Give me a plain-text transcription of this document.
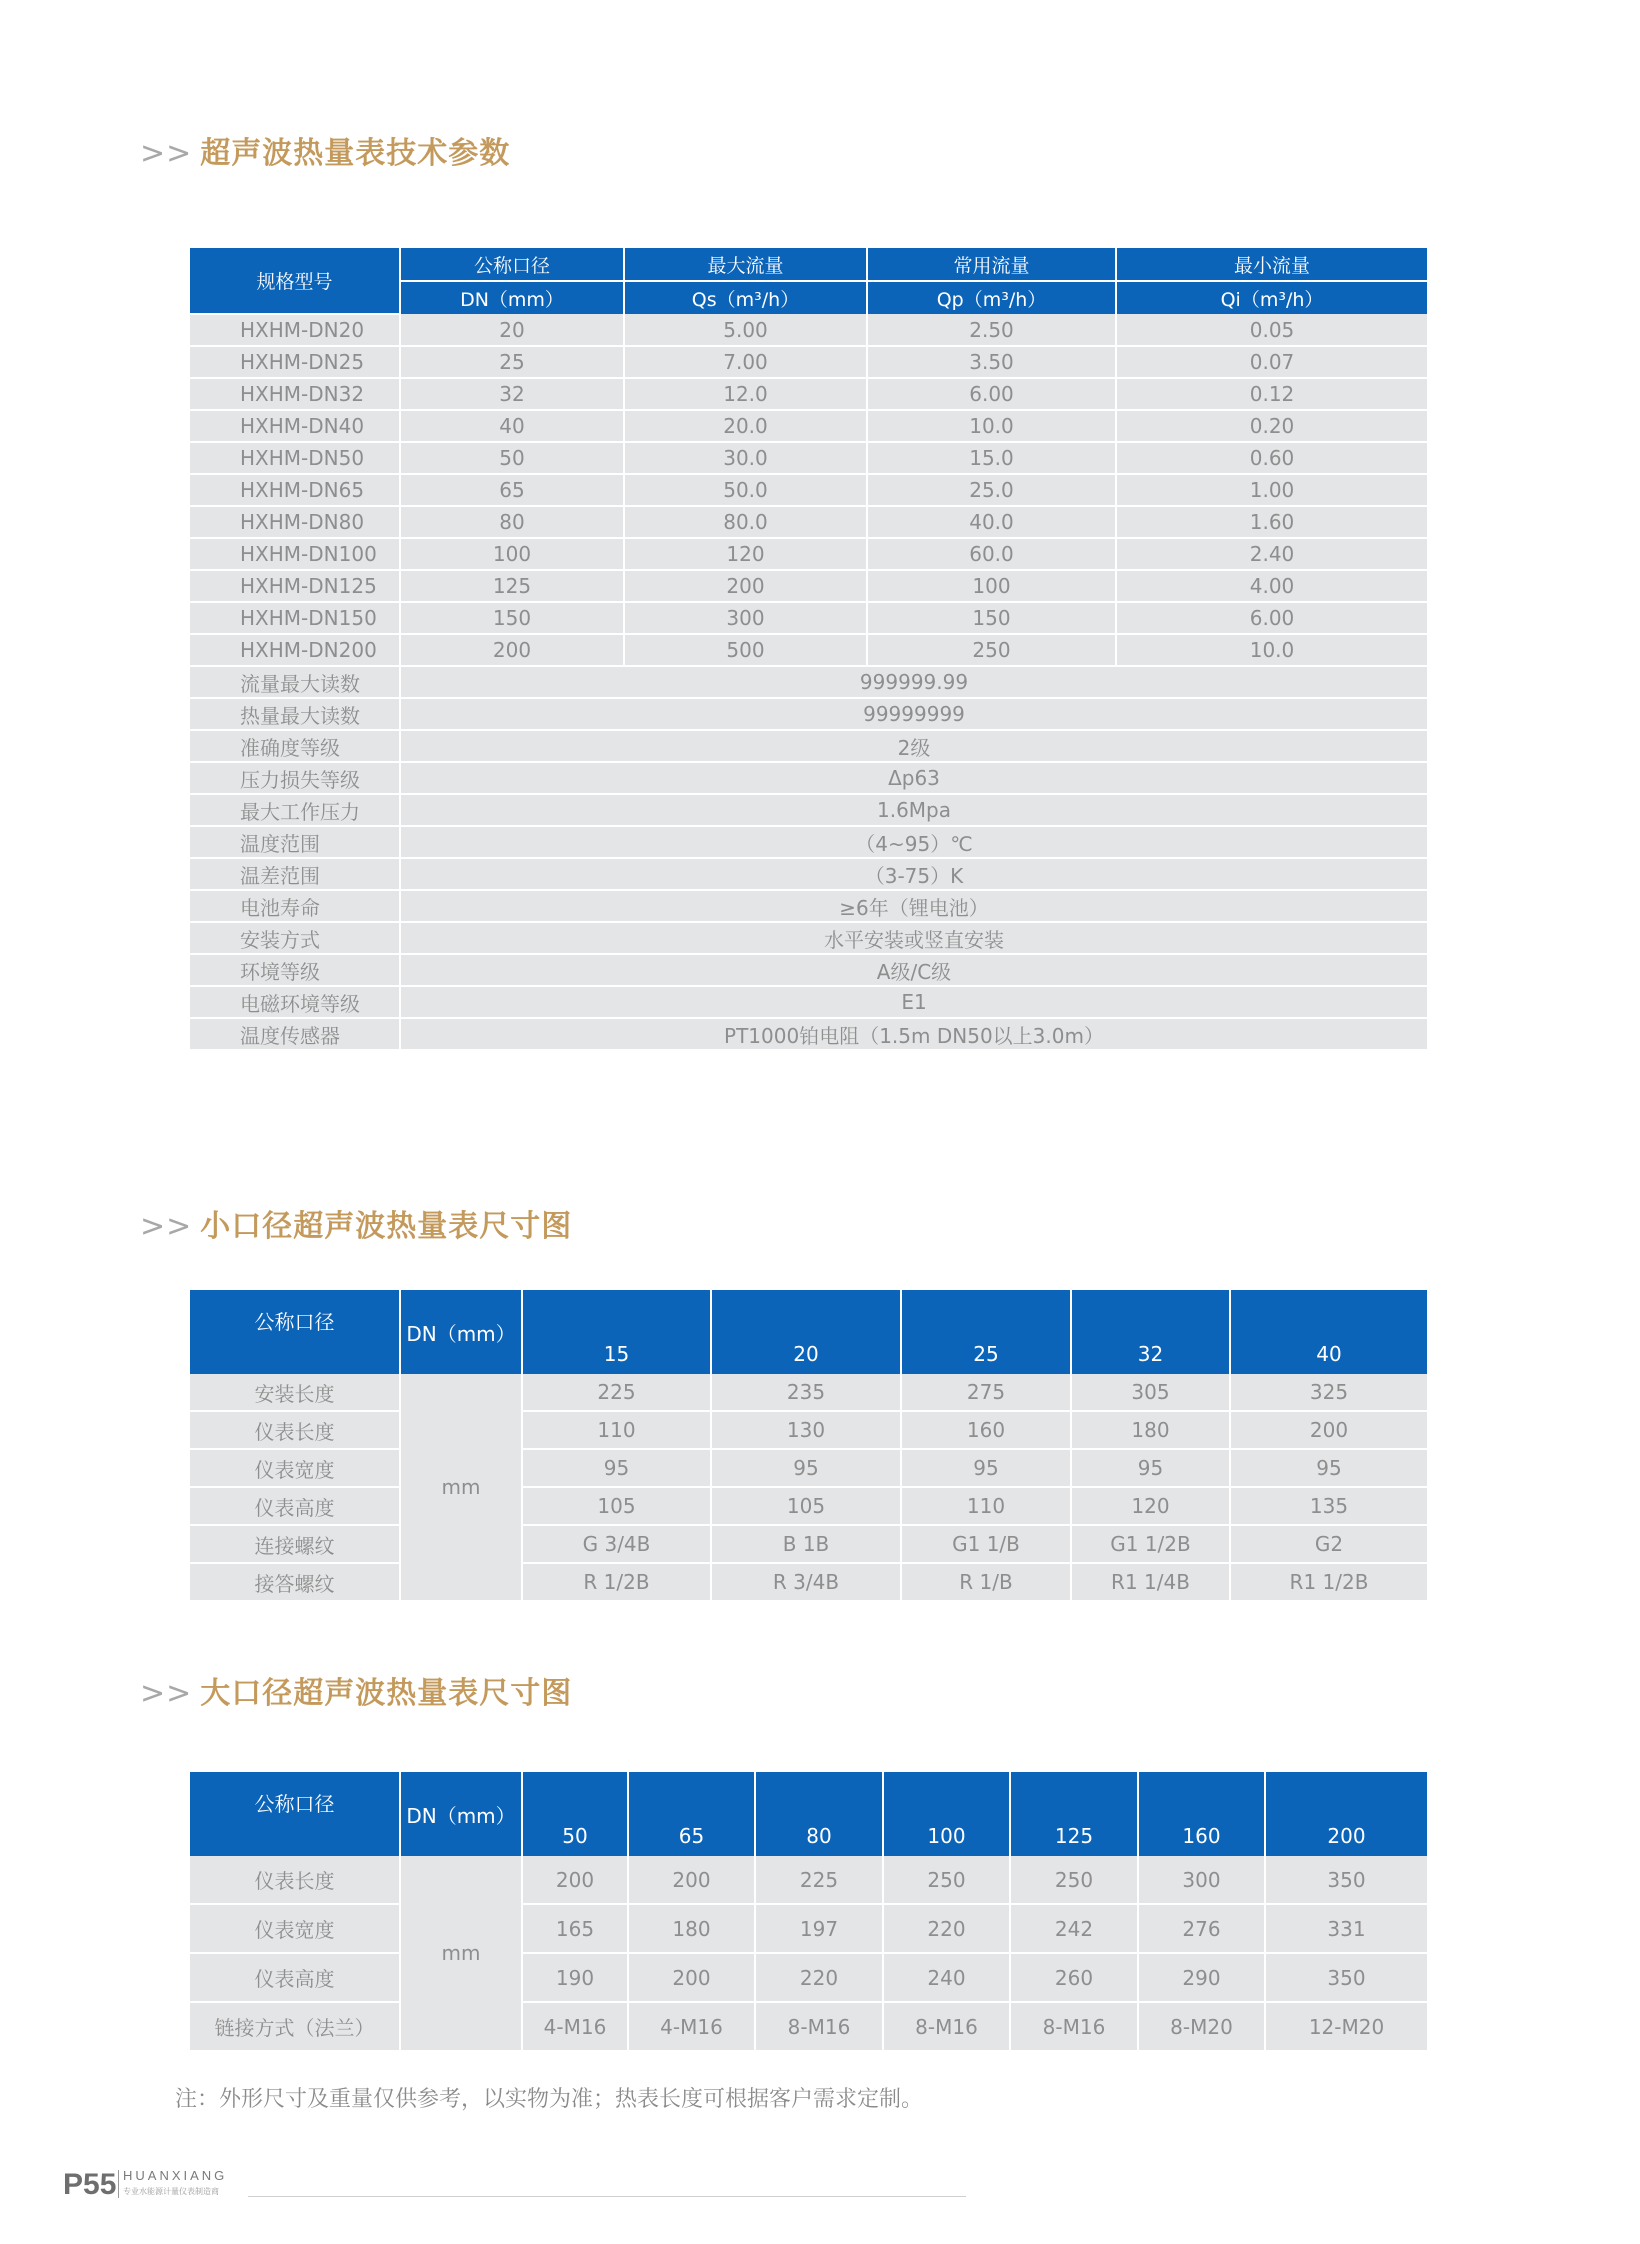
>> 超声波热量表技术参数
规格型号	公称口径	最大流量	常用流量	最小流量
	DN（mm）	Qs（m³/h）	Qp（m³/h）	Qi（m³/h）
HXHM-DN20	20	5.00	2.50	0.05
HXHM-DN25	25	7.00	3.50	0.07
HXHM-DN32	32	12.0	6.00	0.12
HXHM-DN40	40	20.0	10.0	0.20
HXHM-DN50	50	30.0	15.0	0.60
HXHM-DN65	65	50.0	25.0	1.00
HXHM-DN80	80	80.0	40.0	1.60
HXHM-DN100	100	120	60.0	2.40
HXHM-DN125	125	200	100	4.00
HXHM-DN150	150	300	150	6.00
HXHM-DN200	200	500	250	10.0
流量最大读数	999999.99			
热量最大读数	99999999			
准确度等级	2级			
压力损失等级	Δp63			
最大工作压力	1.6Mpa			
温度范围	（4~95）℃			
温差范围	（3-75）K			
电池寿命	≥6年（锂电池）			
安装方式	水平安装或竖直安装			
环境等级	A级/C级			
电磁环境等级	E1			
温度传感器	PT1000铂电阻（1.5m DN50以上3.0m）			
>> 小口径超声波热量表尺寸图
公称口径	DN（mm）	15	20	25	32	40
安装长度	mm	225	235	275	305	325
仪表长度		110	130	160	180	200
仪表宽度		95	95	95	95	95
仪表高度		105	105	110	120	135
连接螺纹		G 3/4B	B 1B	G1 1/B	G1 1/2B	G2
接答螺纹		R 1/2B	R 3/4B	R 1/B	R1 1/4B	R1 1/2B
>> 大口径超声波热量表尺寸图
公称口径	DN（mm）	50	65	80	100	125	160	200
仪表长度	mm	200	200	225	250	250	300	350
仪表宽度		165	180	197	220	242	276	331
仪表高度		190	200	220	240	260	290	350
链接方式（法兰）		4-M16	4-M16	8-M16	8-M16	8-M16	8-M20	12-M20

注：外形尺寸及重量仅供参考，以实物为准；热表长度可根据客户需求定制。

P55 HUANXIANG
专业水能源计量仪表制造商
